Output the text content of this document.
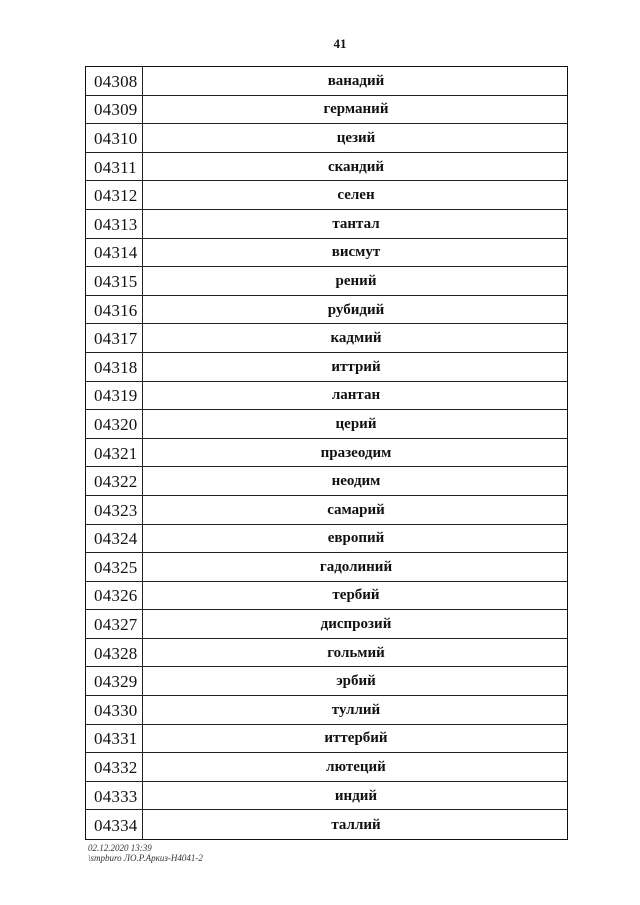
41
04308	ванадий
04309	германий
04310	цезий
04311	скандий
04312	селен
04313	тантал
04314	висмут
04315	рений
04316	рубидий
04317	кадмий
04318	иттрий
04319	лантан
04320	церий
04321	празеодим
04322	неодим
04323	самарий
04324	европий
04325	гадолиний
04326	тербий
04327	диспрозий
04328	гольмий
04329	эрбий
04330	туллий
04331	иттербий
04332	лютеций
04333	индий
04334	таллий
02.12.2020 13:39
\smpburo ЛО.Р.Аркиз-Н4041-2
